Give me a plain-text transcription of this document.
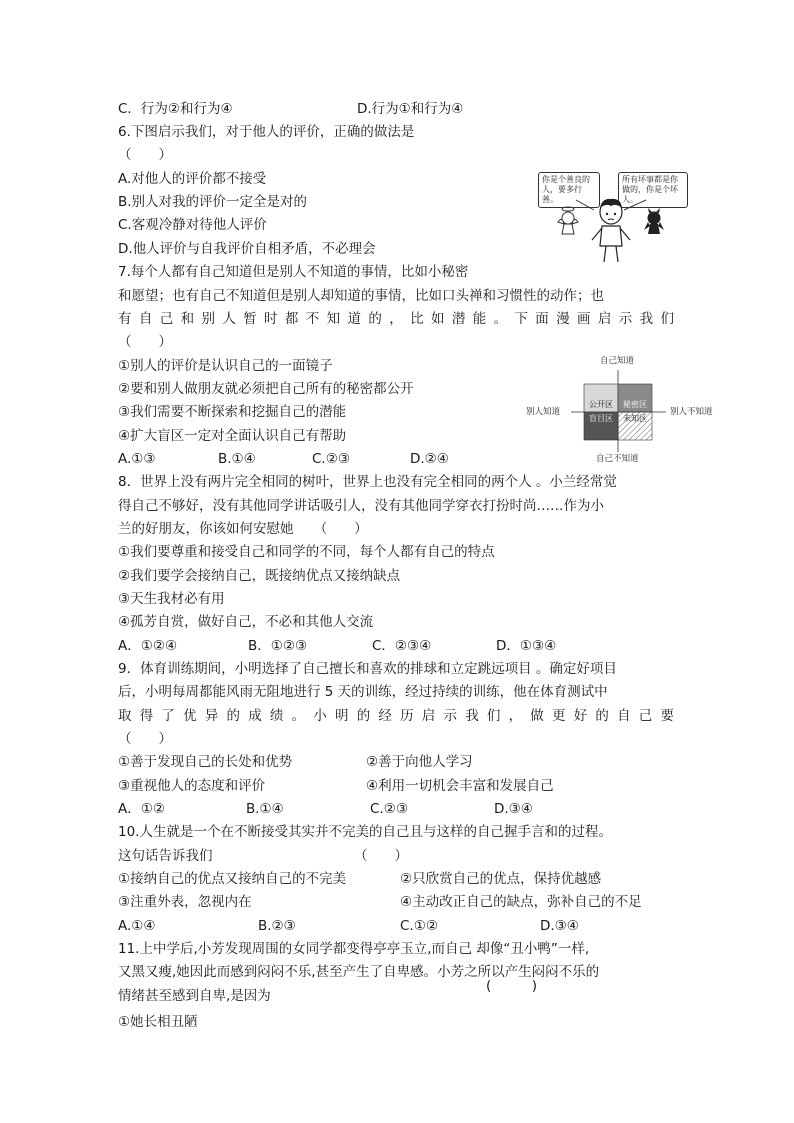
C．行为②和行为④	D.行为①和行为④
6.下图启示我们，对于他人的评价，正确的做法是
（　　）
A.对他人的评价都不接受
B.别人对我的评价一定全是对的
C.客观冷静对待他人评价
D.他人评价与自我评价自相矛盾，不必理会
你是个善良的人，要多行善。
所有坏事都是你做的，你是个坏人。
7.每个人都有自己知道但是别人不知道的事情，比如小秘密
和愿望；也有自己不知道但是别人却知道的事情，比如口头禅和习惯性的动作；也
有自己和别人暂时都不知道的，比如潜能。下面漫画启示我们
（　　）
①别人的评价是认识自己的一面镜子
②要和别人做朋友就必须把自己所有的秘密都公开
③我们需要不断探索和挖掘自己的潜能
④扩大盲区一定对全面认识自己有帮助
A.①③	B.①④	C.②③	D.②④
自己知道
自己不知道
别人知道	别人不知道
公开区	秘密区
盲目区	未知区
8．世界上没有两片完全相同的树叶，世界上也没有完全相同的两个人 。小兰经常觉
得自己不够好，没有其他同学讲话吸引人，没有其他同学穿衣打扮时尚……作为小
兰的好朋友，你该如何安慰她　　（　　）
①我们要尊重和接受自己和同学的不同，每个人都有自己的特点
②我们要学会接纳自己，既接纳优点又接纳缺点
③天生我材必有用
④孤芳自赏，做好自己，不必和其他人交流
A．①②④	B．①②③	C．②③④	D．①③④
9．体育训练期间，小明选择了自己擅长和喜欢的排球和立定跳远项目 。确定好项目
后，小明每周都能风雨无阻地进行 5 天的训练，经过持续的训练，他在体育测试中
取得了优异的成绩。小明的经历启示我们，做更好的自己要
（　　）
①善于发现自己的长处和优势	②善于向他人学习
③重视他人的态度和评价	④利用一切机会丰富和发展自己
A．①②	B.①④	C.②③	D.③④
10.人生就是一个在不断接受其实并不完美的自己且与这样的自己握手言和的过程。
这句话告诉我们	（　　）
①接纳自己的优点又接纳自己的不完美	②只欣赏自己的优点，保持优越感
③注重外表，忽视内在	④主动改正自己的缺点，弥补自己的不足
A.①④	B.②③	C.①②	D.③④
11.上中学后,小芳发现周围的女同学都变得亭亭玉立,而自己 却像“丑小鸭”一样,
又黑又瘦,她因此而感到闷闷不乐,甚至产生了自卑感。小芳之所以产生闷闷不乐的
情绪甚至感到自卑,是因为
(　　　)
①她长相丑陋
